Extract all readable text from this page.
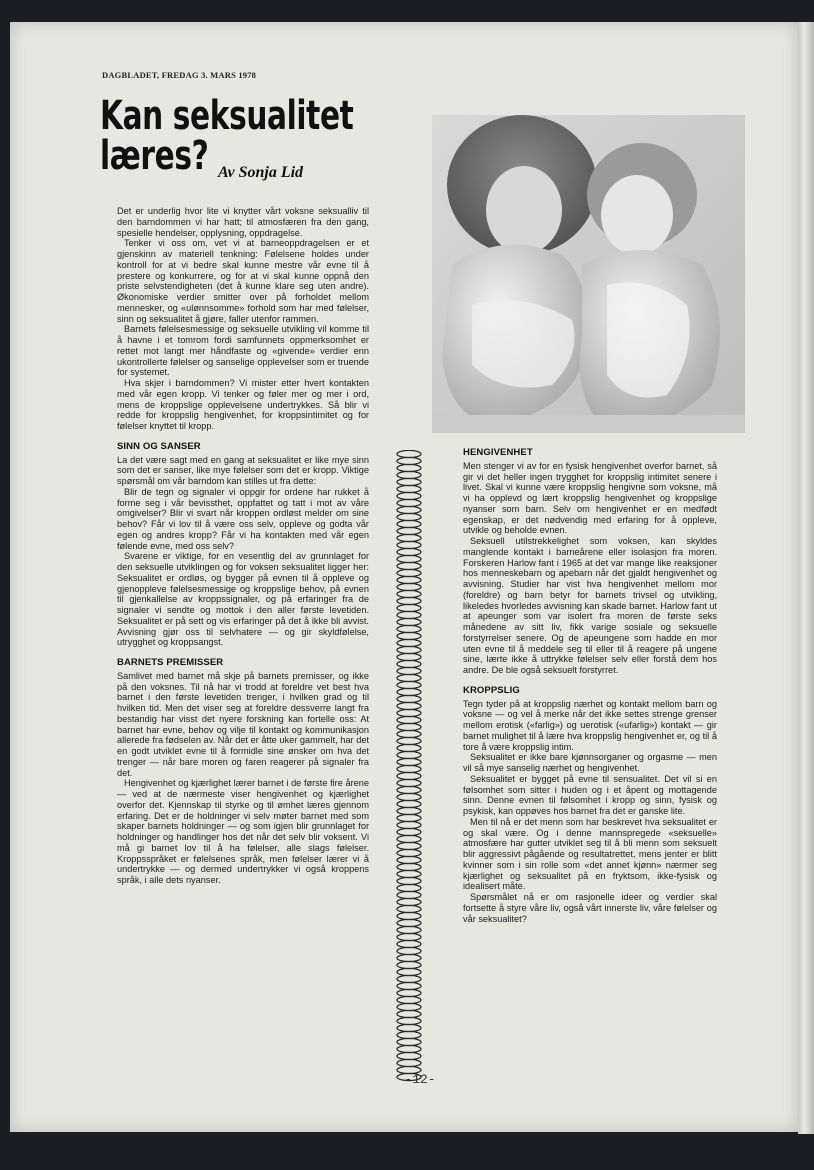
DAGBLADET, FREDAG 3. MARS 1978
Kan seksualitet
læres? Av Sonja Lid

Det er underlig hvor lite vi knytter vårt voksne seksualliv til den barndommen vi har hatt; til atmosfæren fra den gang, spesielle hendelser, opplysning, oppdragelse.

Tenker vi oss om, vet vi at barneoppdragelsen er et gjenskinn av materiell tenkning: Følelsene holdes under kontroll for at vi bedre skal kunne mestre vår evne til å prestere og konkurrere, og for at vi skal kunne oppnå den priste selvstendigheten (det å kunne klare seg uten andre). Økonomiske verdier smitter over på forholdet mellom mennesker, og «ulønnsomme» forhold som har med følelser, sinn og seksualitet å gjøre, faller utenfor rammen.

Barnets følelsesmessige og seksuelle utvikling vil komme til å havne i et tomrom fordi samfunnets oppmerksomhet er rettet mot langt mer håndfaste og «givende» verdier enn ukontrollerte følelser og sanselige opplevelser som er truende for systemet.

Hva skjer i barndommen? Vi mister etter hvert kontakten med vår egen kropp. Vi tenker og føler mer og mer i ord, mens de kroppslige opplevelsene undertrykkes. Så blir vi redde for kroppslig hengivenhet, for kroppsintimitet og for følelser knyttet til kropp.

SINN OG SANSER

La det være sagt med en gang at seksualitet er like mye sinn som det er sanser, like mye følelser som det er kropp. Viktige spørsmål om vår barndom kan stilles ut fra dette:

Blir de tegn og signaler vi oppgir for ordene har rukket å forme seg i vår bevissthet, oppfattet og tatt i mot av våre omgivelser? Blir vi svart når kroppen ordløst melder om sine behov? Får vi lov til å være oss selv, oppleve og godta vår egen og andres kropp? Får vi ha kontakten med vår egen følende evne, med oss selv?

Svarene er viktige, for en vesentlig del av grunnlaget for den seksuelle utviklingen og for voksen seksualitet ligger her: Seksualitet er ordløs, og bygger på evnen til å oppleve og gjenoppleve følelsesmessige og kroppslige behov, på evnen til gjenkallelse av kroppssignaler, og på erfaringer fra de signaler vi sendte og mottok i den aller første levetiden. Seksualitet er på sett og vis erfaringer på det å ikke bli avvist. Avvisning gjør oss til selvhatere — og gir skyldfølelse, utrygghet og kroppsangst.

BARNETS PREMISSER

Samlivet med barnet må skje på barnets premisser, og ikke på den voksnes. Til nå har vi trodd at foreldre vet best hva barnet i den første levetiden trenger, i hvilken grad og til hvilken tid. Men det viser seg at foreldre dessverre langt fra bestandig har visst det nyere forskning kan fortelle oss: At barnet har evne, behov og vilje til kontakt og kommunikasjon allerede fra fødselen av. Når det er åtte uker gammelt, har det en godt utviklet evne til å formidle sine ønsker om hva det trenger — når bare moren og faren reagerer på signaler fra det.

Hengivenhet og kjærlighet lærer barnet i de første fire årene — ved at de nærmeste viser hengivenhet og kjærlighet overfor det. Kjennskap til styrke og til ømhet læres gjennom erfaring. Det er de holdninger vi selv møter barnet med som skaper barnets holdninger — og som igjen blir grunnlaget for holdninger og handlinger hos det når det selv blir voksent. Vi må gi barnet lov til å ha følelser, alle slags følelser. Kroppsspråket er følelsenes språk, men følelser lærer vi å undertrykke — og dermed undertrykker vi også kroppens språk, i alle dets nyanser.

HENGIVENHET

Men stenger vi av for en fysisk hengivenhet overfor barnet, så gir vi det heller ingen trygghet for kroppslig intimitet senere i livet. Skal vi kunne være kroppslig hengivne som voksne, må vi ha opplevd og lært kroppslig hengivenhet og kroppslige nyanser som barn. Selv om hengivenhet er en medfødt egenskap, er det nødvendig med erfaring for å oppleve, utvikle og beholde evnen.

Seksuell utilstrekkelighet som voksen, kan skyldes manglende kontakt i barneårene eller isolasjon fra moren. Forskeren Harlow fant i 1965 at det var mange like reaksjoner hos menneskebarn og apebarn når det gjaldt hengivenhet og avvisning. Studier har vist hva hengivenhet mellom mor (foreldre) og barn betyr for barnets trivsel og utvikling, likeledes hvorledes avvisning kan skade barnet. Harlow fant ut at apeunger som var isolert fra moren de første seks månedene av sitt liv, fikk varige sosiale og seksuelle forstyrrelser senere. Og de apeungene som hadde en mor uten evne til å meddele seg til eller til å reagere på ungene sine, lærte ikke å uttrykke følelser selv eller forstå dem hos andre. De ble også seksuelt forstyrret.

KROPPSLIG

Tegn tyder på at kroppslig nærhet og kontakt mellom barn og voksne — og vel å merke når det ikke settes strenge grenser mellom erotisk («farlig») og uerotisk («ufarlig») kontakt — gir barnet mulighet til å lære hva kroppslig hengivenhet er, og til å tore å være kroppslig intim.

Seksualitet er ikke bare kjønnsorganer og orgasme — men vil så mye sanselig nærhet og hengivenhet.

Seksualitet er bygget på evne til sensualitet. Det vil si en følsomhet som sitter i huden og i et åpent og mottagende sinn. Denne evnen til følsomhet i kropp og sinn, fysisk og psykisk, kan oppøves hos barnet fra det er ganske lite.

Men til nå er det menn som har beskrevet hva seksualitet er og skal være. Og i denne mannspregede «seksuelle» atmosfære har gutter utviklet seg til å bli menn som seksuelt blir aggressivt pågående og resultatrettet, mens jenter er blitt kvinner som i sin rolle som «det annet kjønn» nærmer seg kjærlighet og seksualitet på en fryktsom, ikke-fysisk og idealisert måte.

Spørsmålet nå er om rasjonelle ideer og verdier skal fortsette å styre våre liv, også vårt innerste liv, våre følelser og vår seksualitet?

-12-
